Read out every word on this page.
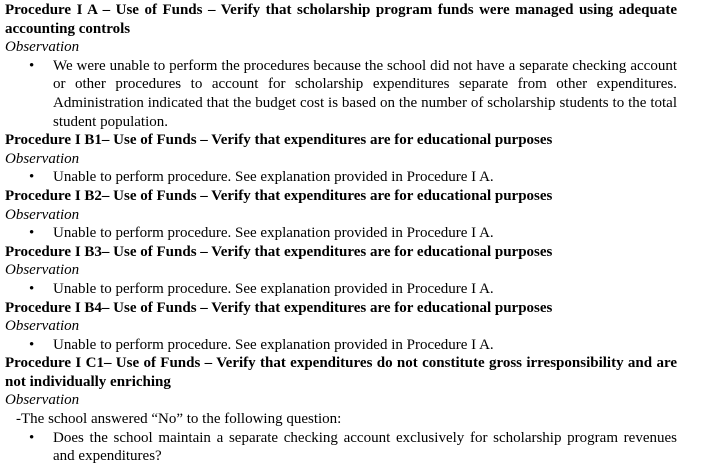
Procedure I A – Use of Funds – Verify that scholarship program funds were managed using adequate accounting controls

Observation

• We were unable to perform the procedures because the school did not have a separate checking account or other procedures to account for scholarship expenditures separate from other expenditures. Administration indicated that the budget cost is based on the number of scholarship students to the total student population.

Procedure I B1– Use of Funds – Verify that expenditures are for educational purposes

Observation

• Unable to perform procedure. See explanation provided in Procedure I A.

Procedure I B2– Use of Funds – Verify that expenditures are for educational purposes

Observation

• Unable to perform procedure. See explanation provided in Procedure I A.

Procedure I B3– Use of Funds – Verify that expenditures are for educational purposes

Observation

• Unable to perform procedure. See explanation provided in Procedure I A.

Procedure I B4– Use of Funds – Verify that expenditures are for educational purposes

Observation

• Unable to perform procedure. See explanation provided in Procedure I A.

Procedure I C1– Use of Funds – Verify that expenditures do not constitute gross irresponsibility and are not individually enriching

Observation

-The school answered “No” to the following question:

• Does the school maintain a separate checking account exclusively for scholarship program revenues and expenditures?
